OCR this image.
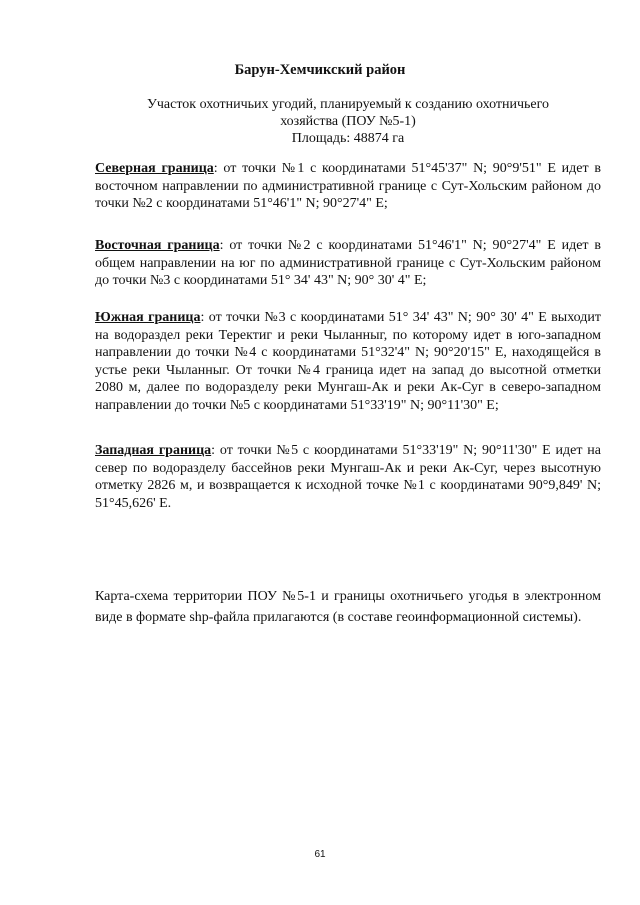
Барун-Хемчикский район
Участок охотничьих угодий, планируемый к созданию охотничьего
хозяйства (ПОУ №5-1)
Площадь: 48874 га

Северная граница: от точки №1 с координатами 51°45'37" N; 90°9'51" E идет в восточном направлении по административной границе с Сут-Хольским районом до точки №2 с координатами 51°46'1" N; 90°27'4" E;

Восточная граница: от точки №2 с координатами 51°46'1" N; 90°27'4" E идет в общем направлении на юг по административной границе с Сут-Хольским районом до точки №3 с координатами 51° 34' 43" N; 90° 30' 4" E;

Южная граница: от точки №3 с координатами 51° 34' 43" N; 90° 30' 4" E выходит на водораздел реки Теректиг и реки Чыланныг, по которому идет в юго-западном направлении до точки №4 с координатами 51°32'4" N; 90°20'15" E, находящейся в устье реки Чыланныг. От точки №4 граница идет на запад до высотной отметки 2080 м, далее по водоразделу реки Мунгаш-Ак и реки Ак-Суг в северо-западном направлении до точки №5 с координатами 51°33'19" N; 90°11'30" E;

Западная граница: от точки №5 с координатами 51°33'19" N; 90°11'30" E идет на север по водоразделу бассейнов реки Мунгаш-Ак и реки Ак-Суг, через высотную отметку 2826 м, и возвращается к исходной точке №1 с координатами 90°9,849' N; 51°45,626' E.

Карта-схема территории ПОУ №5-1 и границы охотничьего угодья в электронном виде в формате shp-файла прилагаются (в составе геоинформационной системы).

61
